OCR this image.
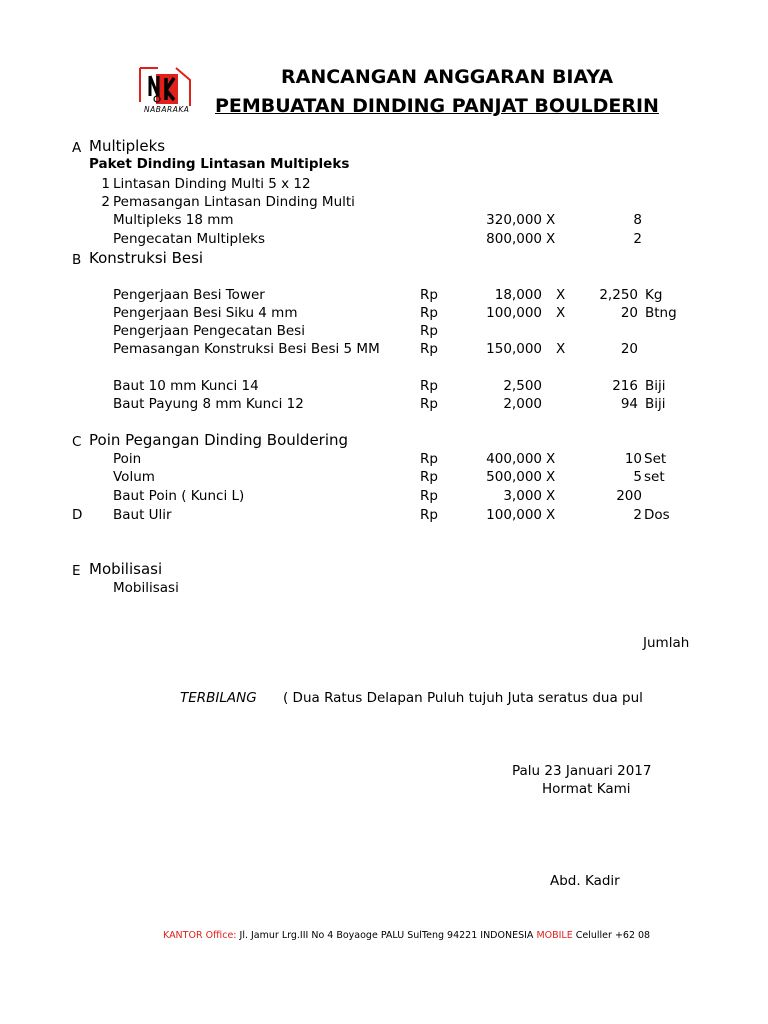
NABARAKA
RANCANGAN ANGGARAN BIAYA
PEMBUATAN DINDING PANJAT BOULDERIN
A Multipleks
Paket Dinding Lintasan Multipleks
1 Lintasan Dinding Multi 5 x 12
2 Pemasangan Lintasan Dinding Multi
Multipleks 18 mm	320,000 X	8
Pengecatan Multipleks	800,000 X	2
B Konstruksi Besi
Pengerjaan Besi Tower	Rp	18,000 X	2,250 Kg
Pengerjaan Besi Siku 4 mm	Rp	100,000 X	20 Btng
Pengerjaan Pengecatan Besi	Rp
Pemasangan Konstruksi Besi Besi 5 MM	Rp	150,000 X	20
Baut 10 mm Kunci 14	Rp	2,500	216 Biji
Baut Payung 8 mm Kunci 12	Rp	2,000	94 Biji
C Poin Pegangan Dinding Bouldering
Poin	Rp	400,000 X	10 Set
Volum	Rp	500,000 X	5 set
Baut Poin ( Kunci L)	Rp	3,000 X	200
D Baut Ulir	Rp	100,000 X	2 Dos
E Mobilisasi
Mobilisasi
Jumlah
TERBILANG ( Dua Ratus Delapan Puluh tujuh Juta seratus dua pul
Palu 23 Januari 2017
Hormat Kami
Abd. Kadir
KANTOR Office: Jl. Jamur Lrg.III No 4 Boyaoge PALU SulTeng 94221 INDONESIA MOBILE Celuller +62 08
